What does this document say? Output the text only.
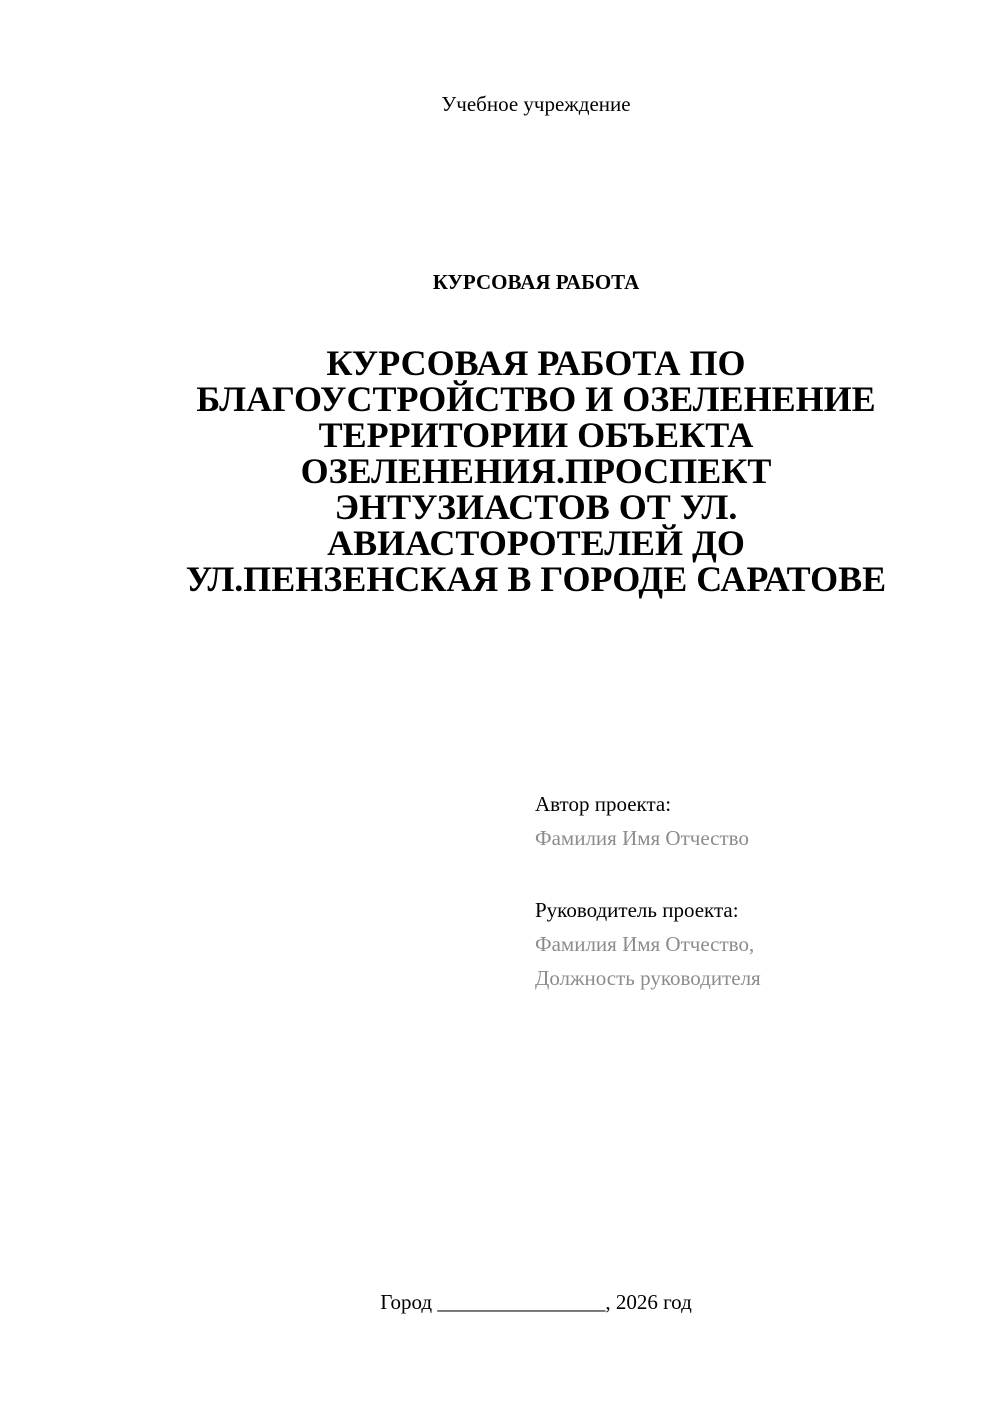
Учебное учреждение
КУРСОВАЯ РАБОТА
КУРСОВАЯ РАБОТА ПО
БЛАГОУСТРОЙСТВО И ОЗЕЛЕНЕНИЕ
ТЕРРИТОРИИ ОБЪЕКТА
ОЗЕЛЕНЕНИЯ.ПРОСПЕКТ
ЭНТУЗИАСТОВ ОТ УЛ.
АВИАСТОРОТЕЛЕЙ ДО
УЛ.ПЕНЗЕНСКАЯ В ГОРОДЕ САРАТОВЕ
Автор проекта:
Фамилия Имя Отчество
Руководитель проекта:
Фамилия Имя Отчество,
Должность руководителя
Город ________________, 2026 год
